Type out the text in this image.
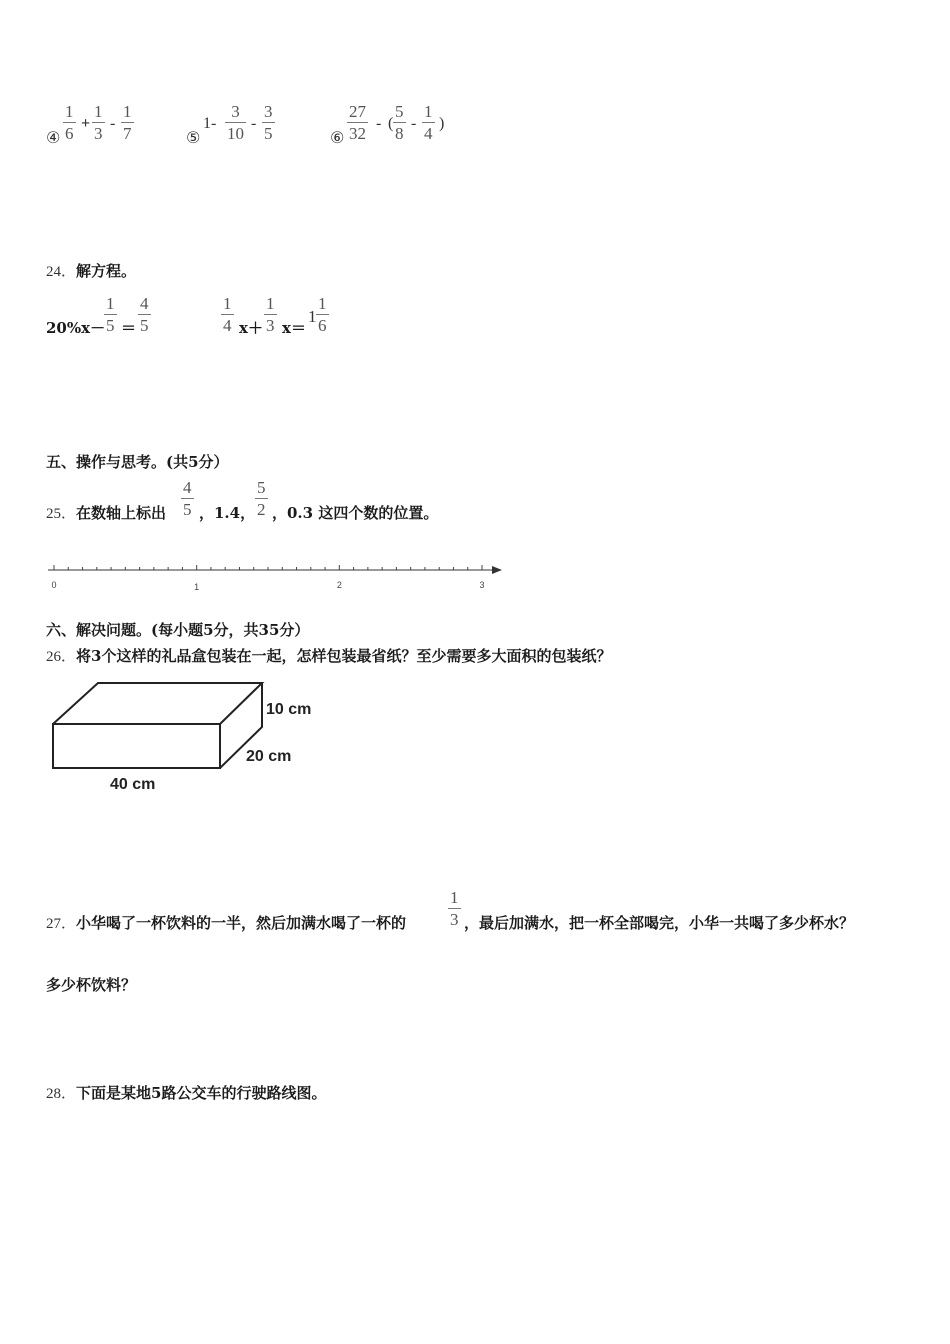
④
1
6
+
1
3
-
1
7	⑤
1-
3
10
-
3
5	⑥
27
32
- (
5
8
-
1
4
)
24．解方程。
20%x－
1
5 ＝
4
5
1
4 x＋
1
3 x＝
1
1
6
五、操作与思考。(共5分）
25．在数轴上标出
4
5 ，1.4，
5
2 ，0.3 这四个数的位置。
0	1	2	3
六、解决问题。(每小题5分，共35分）
26．将3个这样的礼品盒包装在一起，怎样包装最省纸？至少需要多大面积的包装纸？
10 cm
20 cm
40 cm
27．小华喝了一杯饮料的一半，然后加满水喝了一杯的
1
3 ，最后加满水，把一杯全部喝完，小华一共喝了多少杯水？
多少杯饮料？
28．下面是某地5路公交车的行驶路线图。
